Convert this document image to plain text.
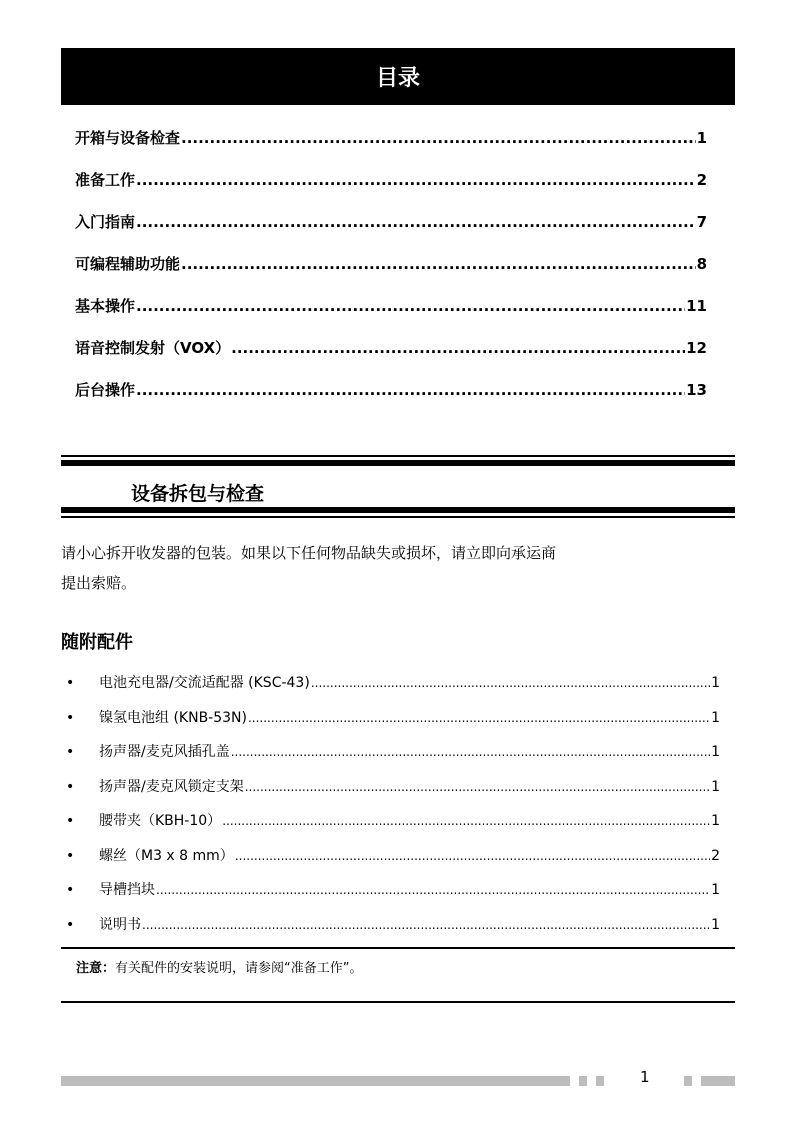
目录
开箱与设备检查 .....	1
准备工作 .....	2
入门指南 .....	7
可编程辅助功能 .....	8
基本操作 .....	11
语音控制发射（VOX） .....	12
后台操作 .....	13
设备拆包与检查
请小心拆开收发器的包装。如果以下任何物品缺失或损坏，请立即向承运商
提出索赔。
随附配件
•	电池充电器/交流适配器 (KSC-43) .....	1
•	镍氢电池组 (KNB-53N) .....	1
•	扬声器/麦克风插孔盖 .....	1
•	扬声器/麦克风锁定支架 .....	1
•	腰带夹（KBH-10） .....	1
•	螺丝（M3 x 8 mm） .....	2
•	导槽挡块 .....	1
•	说明书 .....	1
注意：有关配件的安装说明，请参阅“准备工作”。
1
